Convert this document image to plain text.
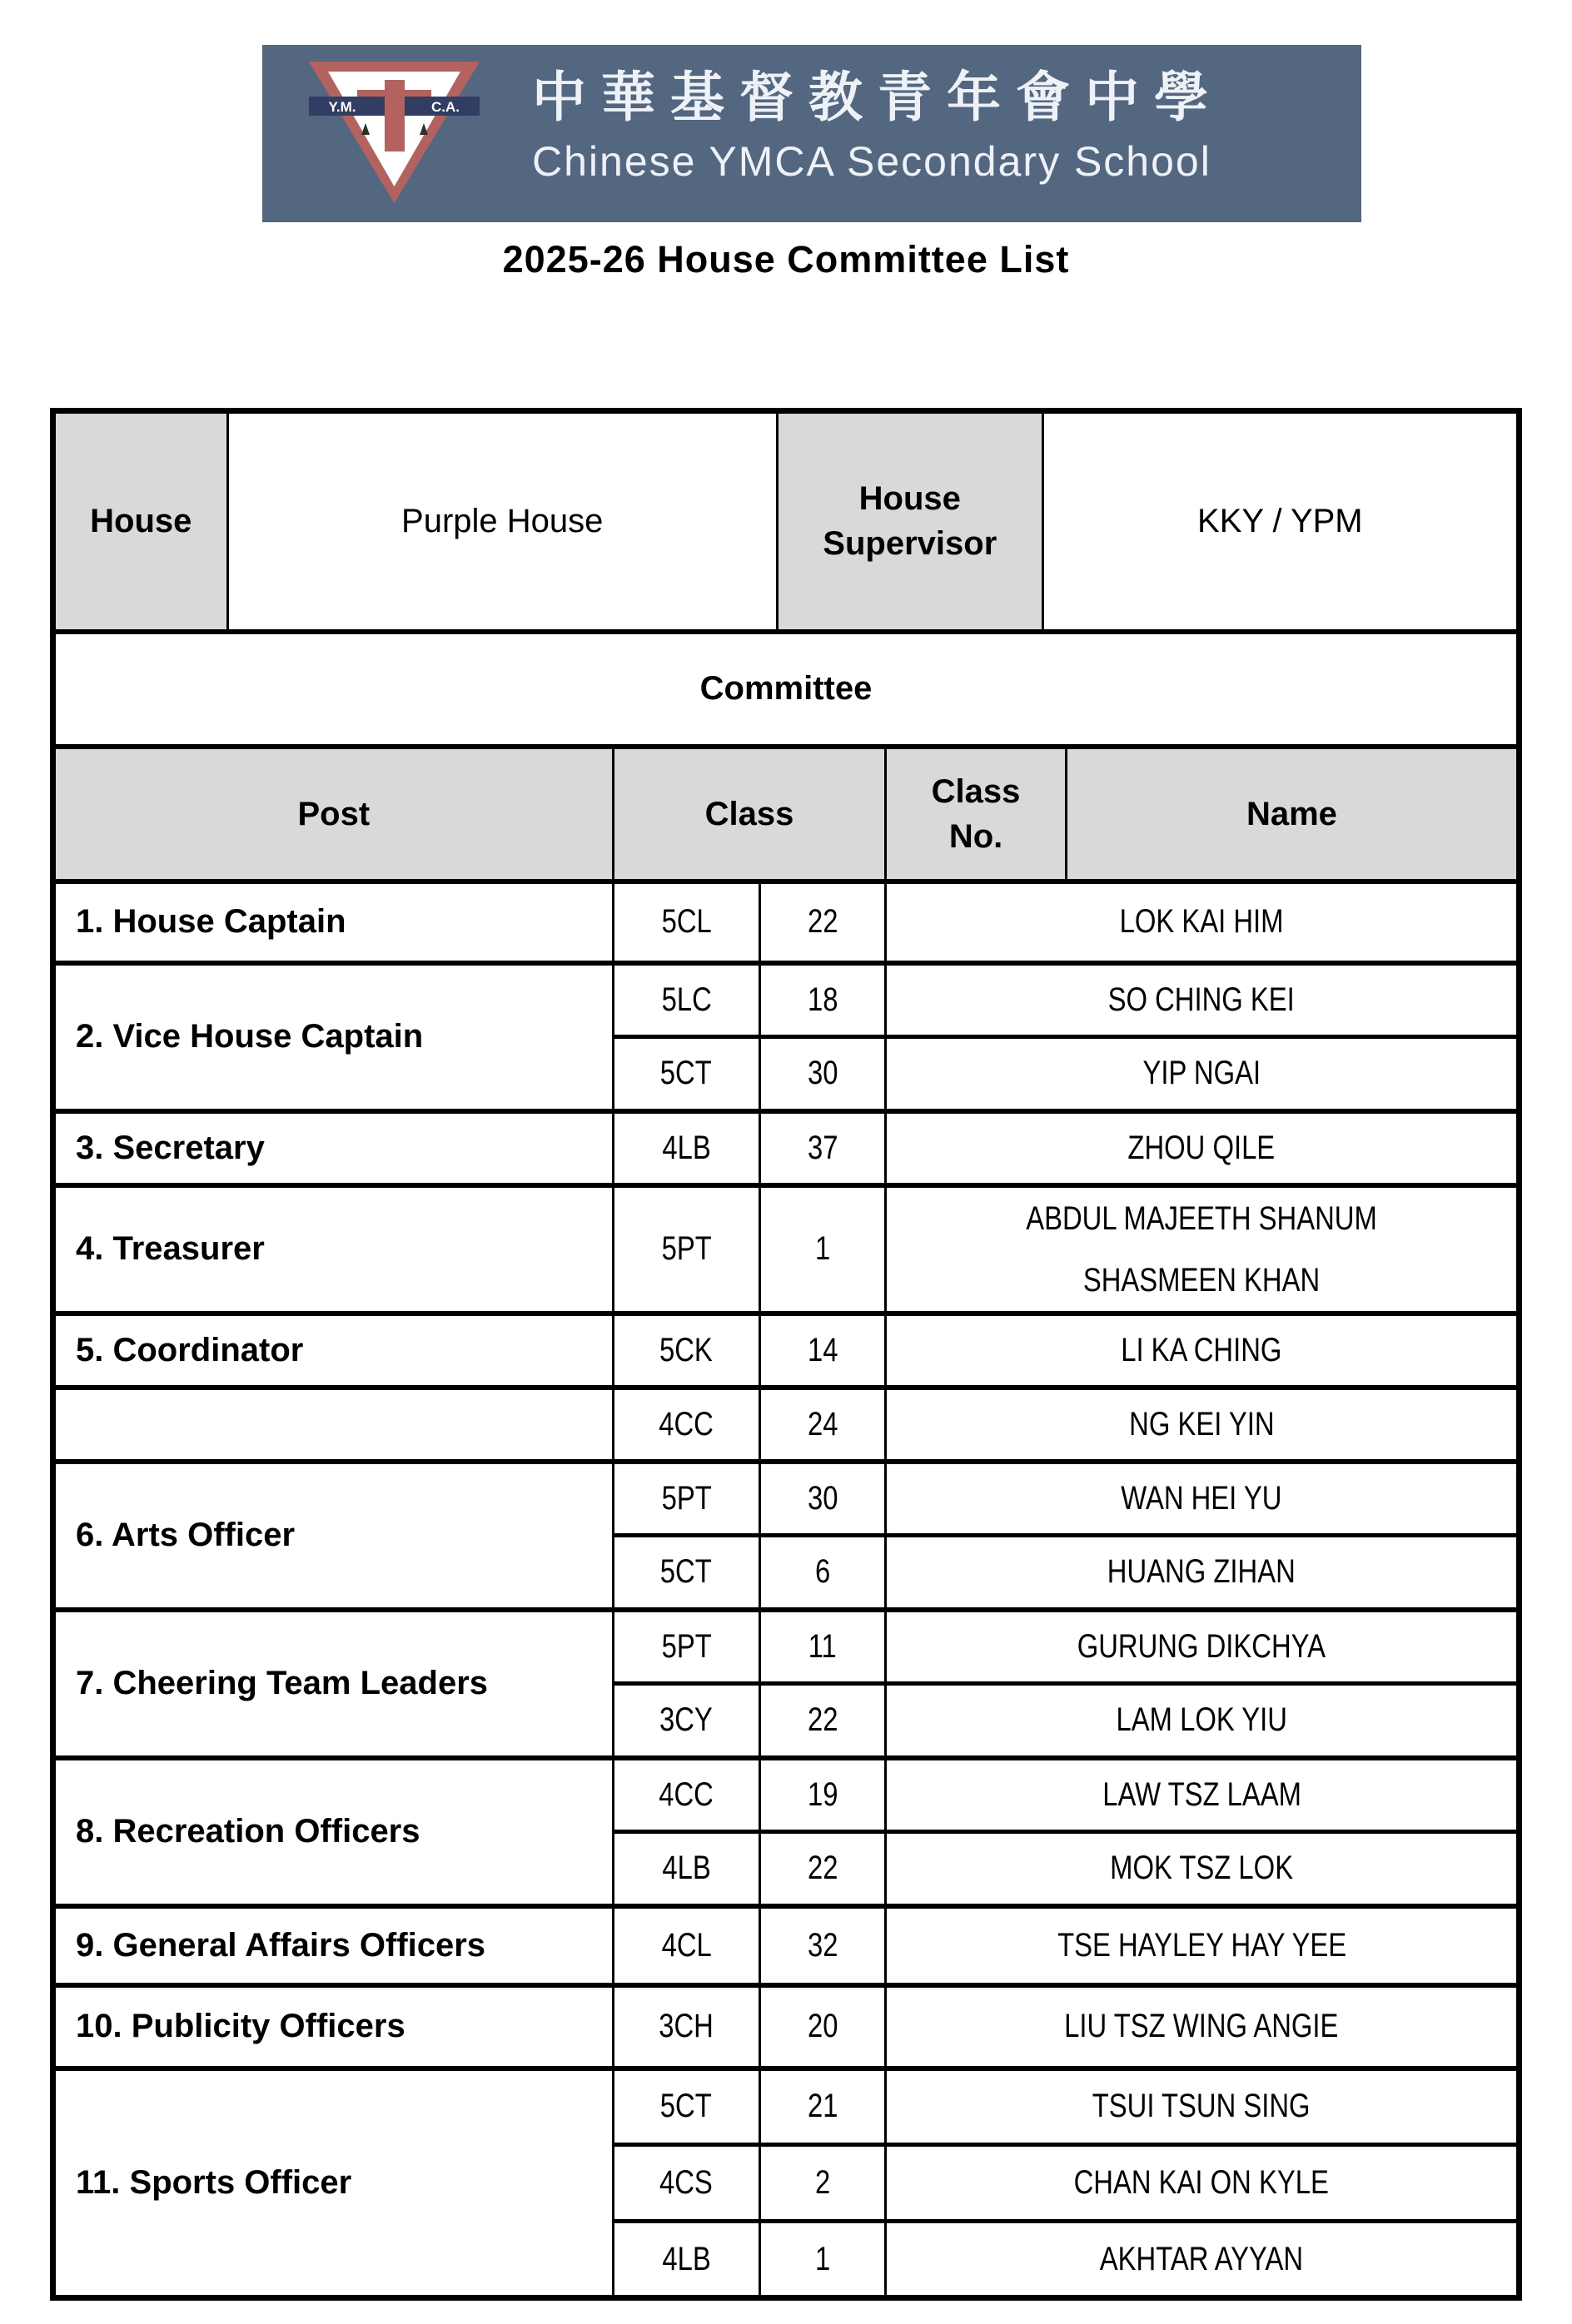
Y.M.	C.A. 中華基督教青年會中學
Chinese YMCA Secondary School
2025-26 House Committee List
House	Purple House	House Supervisor	KKY / YPM
Committee				
Post	Class		Class No.	Name
1. House Captain	5CL	22	LOK KAI HIM	
2. Vice House Captain	5LC	18	SO CHING KEI	
	5CT	30	YIP NGAI	
3. Secretary	4LB	37	ZHOU QILE	
4. Treasurer	5PT	1	ABDUL MAJEETH SHANUM SHASMEEN KHAN	
5. Coordinator	5CK	14	LI KA CHING	
	4CC	24	NG KEI YIN	
6. Arts Officer	5PT	30	WAN HEI YU	
	5CT	6	HUANG ZIHAN	
7. Cheering Team Leaders	5PT	11	GURUNG DIKCHYA	
	3CY	22	LAM LOK YIU	
8. Recreation Officers	4CC	19	LAW TSZ LAAM	
	4LB	22	MOK TSZ LOK	
9. General Affairs Officers	4CL	32	TSE HAYLEY HAY YEE	
10. Publicity Officers	3CH	20	LIU TSZ WING ANGIE	
11. Sports Officer	5CT	21	TSUI TSUN SING	
	4CS	2	CHAN KAI ON KYLE	
	4LB	1	AKHTAR AYYAN	
